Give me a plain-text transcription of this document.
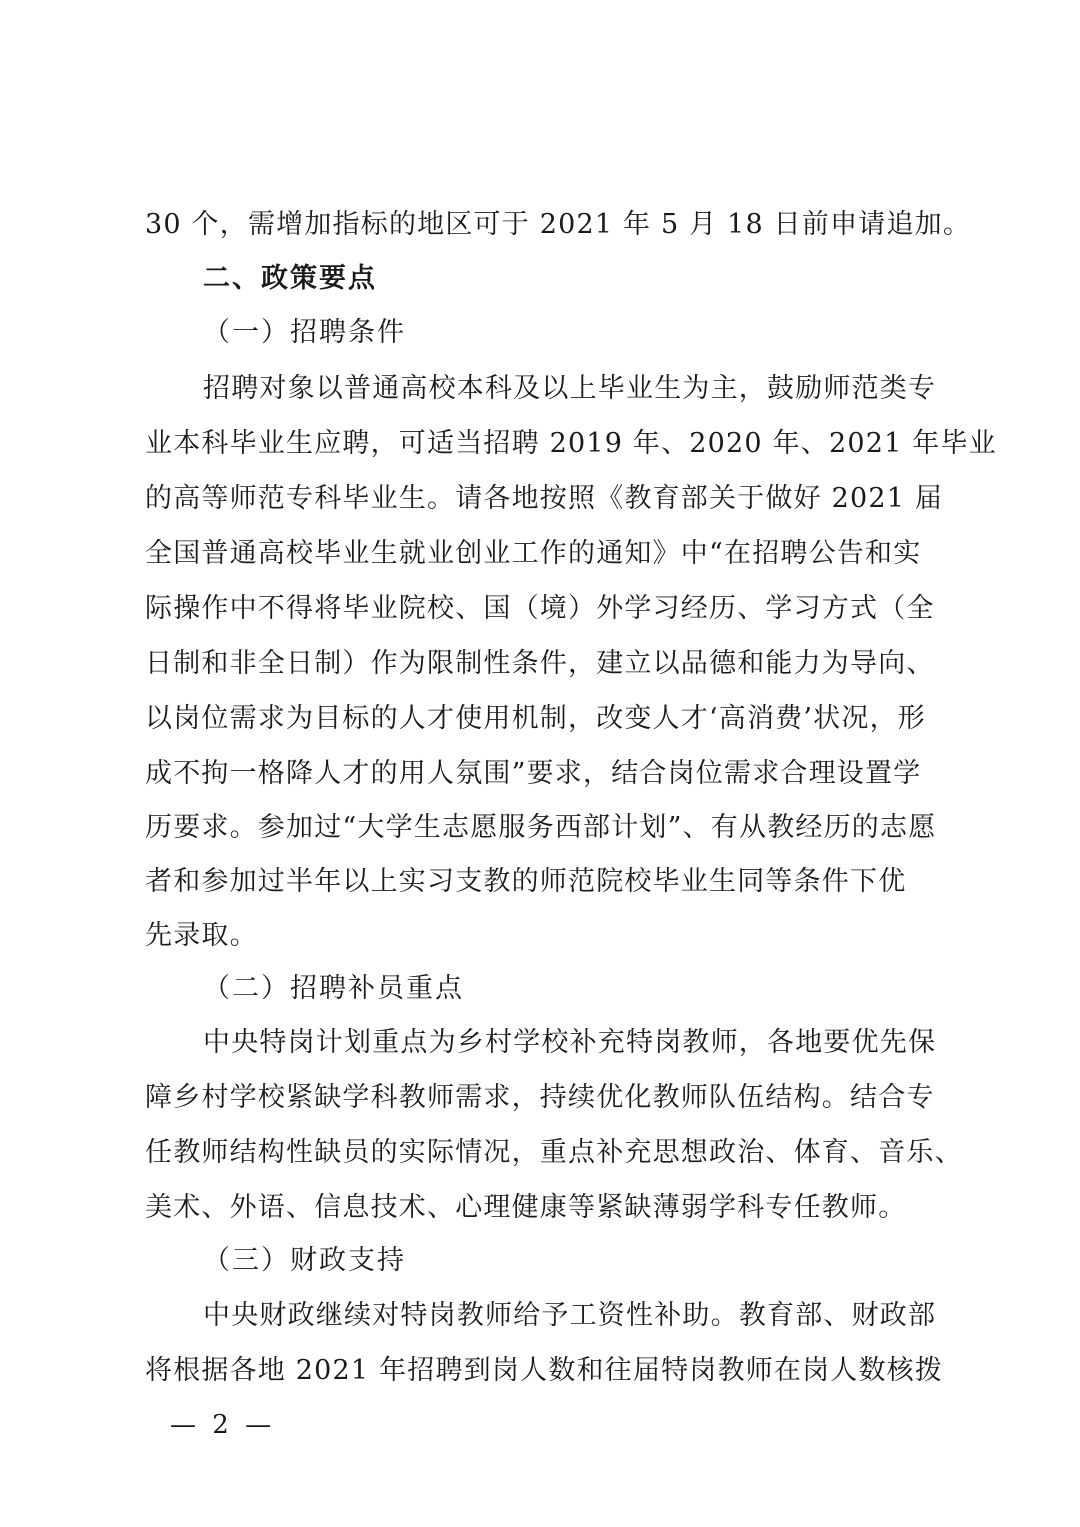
30 个，需增加指标的地区可于 2021 年 5 月 18 日前申请追加。
二、政策要点
（一）招聘条件
招聘对象以普通高校本科及以上毕业生为主，鼓励师范类专
业本科毕业生应聘，可适当招聘 2019 年、2020 年、2021 年毕业
的高等师范专科毕业生。请各地按照《教育部关于做好 2021 届
全国普通高校毕业生就业创业工作的通知》中“在招聘公告和实
际操作中不得将毕业院校、国（境）外学习经历、学习方式（全
日制和非全日制）作为限制性条件，建立以品德和能力为导向、
以岗位需求为目标的人才使用机制，改变人才‘高消费’状况，形
成不拘一格降人才的用人氛围”要求，结合岗位需求合理设置学
历要求。参加过“大学生志愿服务西部计划”、有从教经历的志愿
者和参加过半年以上实习支教的师范院校毕业生同等条件下优
先录取。
（二）招聘补员重点
中央特岗计划重点为乡村学校补充特岗教师，各地要优先保
障乡村学校紧缺学科教师需求，持续优化教师队伍结构。结合专
任教师结构性缺员的实际情况，重点补充思想政治、体育、音乐、
美术、外语、信息技术、心理健康等紧缺薄弱学科专任教师。
（三）财政支持
中央财政继续对特岗教师给予工资性补助。教育部、财政部
将根据各地 2021 年招聘到岗人数和往届特岗教师在岗人数核拨
— 2 —
